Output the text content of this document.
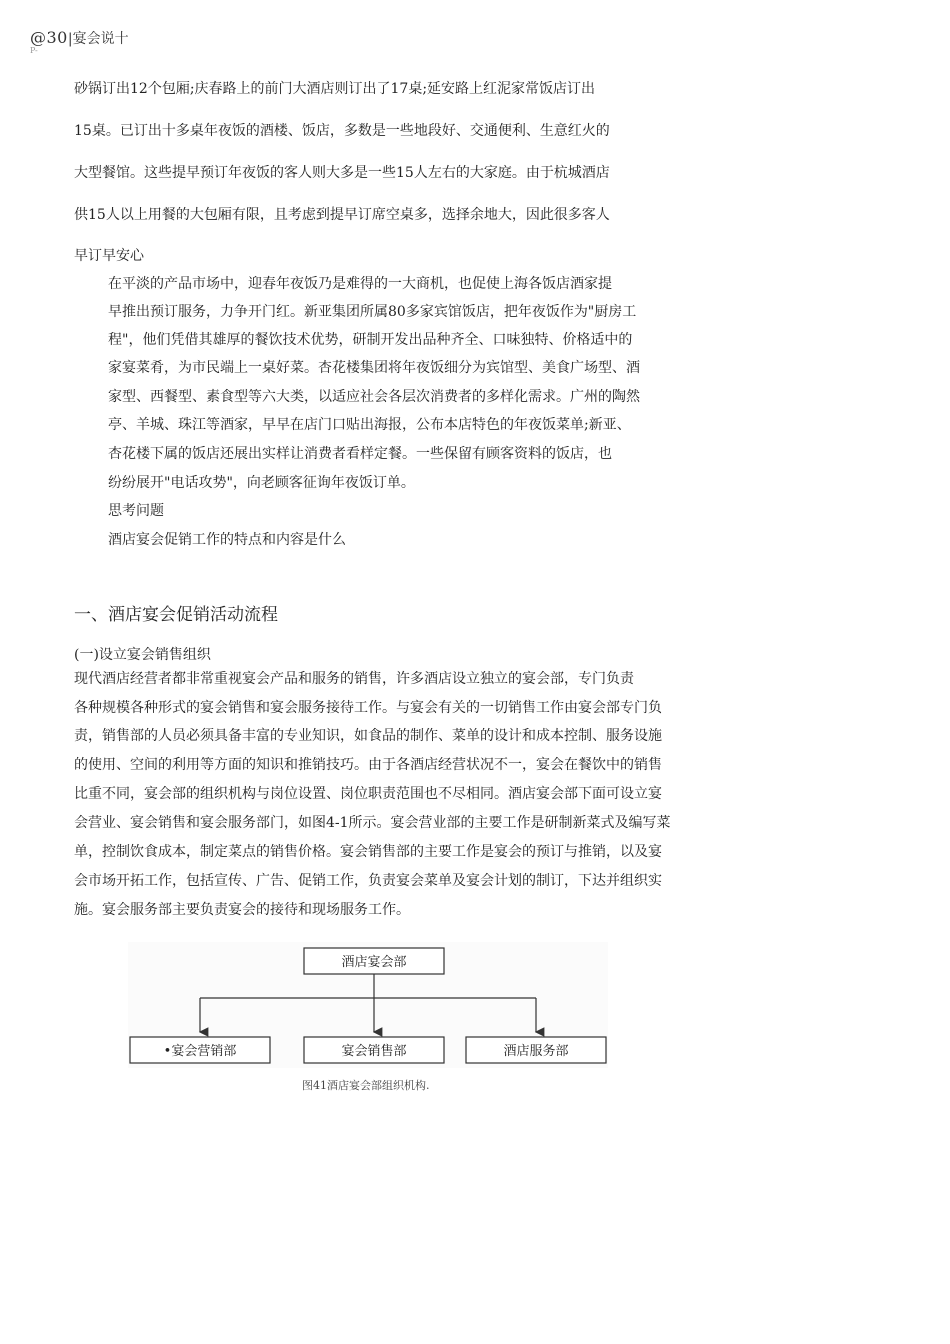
@30|宴会说十
P-
砂锅订出12个包厢;庆春路上的前门大酒店则订出了17桌;延安路上红泥家常饭店订出
15桌。已订出十多桌年夜饭的酒楼、饭店，多数是一些地段好、交通便利、生意红火的
大型餐馆。这些提早预订年夜饭的客人则大多是一些15人左右的大家庭。由于杭城酒店
供15人以上用餐的大包厢有限，且考虑到提早订席空桌多，选择余地大，因此很多客人
早订早安心
在平淡的产品市场中，迎春年夜饭乃是难得的一大商机，也促使上海各饭店酒家提
早推出预订服务，力争开门红。新亚集团所属80多家宾馆饭店，把年夜饭作为"厨房工
程"，他们凭借其雄厚的餐饮技术优势，研制开发出品种齐全、口味独特、价格适中的
家宴菜肴，为市民端上一桌好菜。杏花楼集团将年夜饭细分为宾馆型、美食广场型、酒
家型、西餐型、素食型等六大类，以适应社会各层次消费者的多样化需求。广州的陶然
亭、羊城、珠江等酒家，早早在店门口贴出海报，公布本店特色的年夜饭菜单;新亚、
杏花楼下属的饭店还展出实样让消费者看样定餐。一些保留有顾客资料的饭店，也
纷纷展开"电话攻势"，向老顾客征询年夜饭订单。
思考问题
酒店宴会促销工作的特点和内容是什么
一、酒店宴会促销活动流程
(一)设立宴会销售组织
现代酒店经营者都非常重视宴会产品和服务的销售，许多酒店设立独立的宴会部，专门负责
各种规模各种形式的宴会销售和宴会服务接待工作。与宴会有关的一切销售工作由宴会部专门负
责，销售部的人员必须具备丰富的专业知识，如食品的制作、菜单的设计和成本控制、服务设施
的使用、空间的利用等方面的知识和推销技巧。由于各酒店经营状况不一，宴会在餐饮中的销售
比重不同，宴会部的组织机构与岗位设置、岗位职责范围也不尽相同。酒店宴会部下面可设立宴
会营业、宴会销售和宴会服务部门，如图4-1所示。宴会营业部的主要工作是研制新菜式及编写菜
单，控制饮食成本，制定菜点的销售价格。宴会销售部的主要工作是宴会的预订与推销，以及宴
会市场开拓工作，包括宣传、广告、促销工作，负责宴会菜单及宴会计划的制订，下达并组织实
施。宴会服务部主要负责宴会的接待和现场服务工作。
酒店宴会部
•宴会营销部	宴会销售部	酒店服务部
图41酒店宴会部组织机构.
